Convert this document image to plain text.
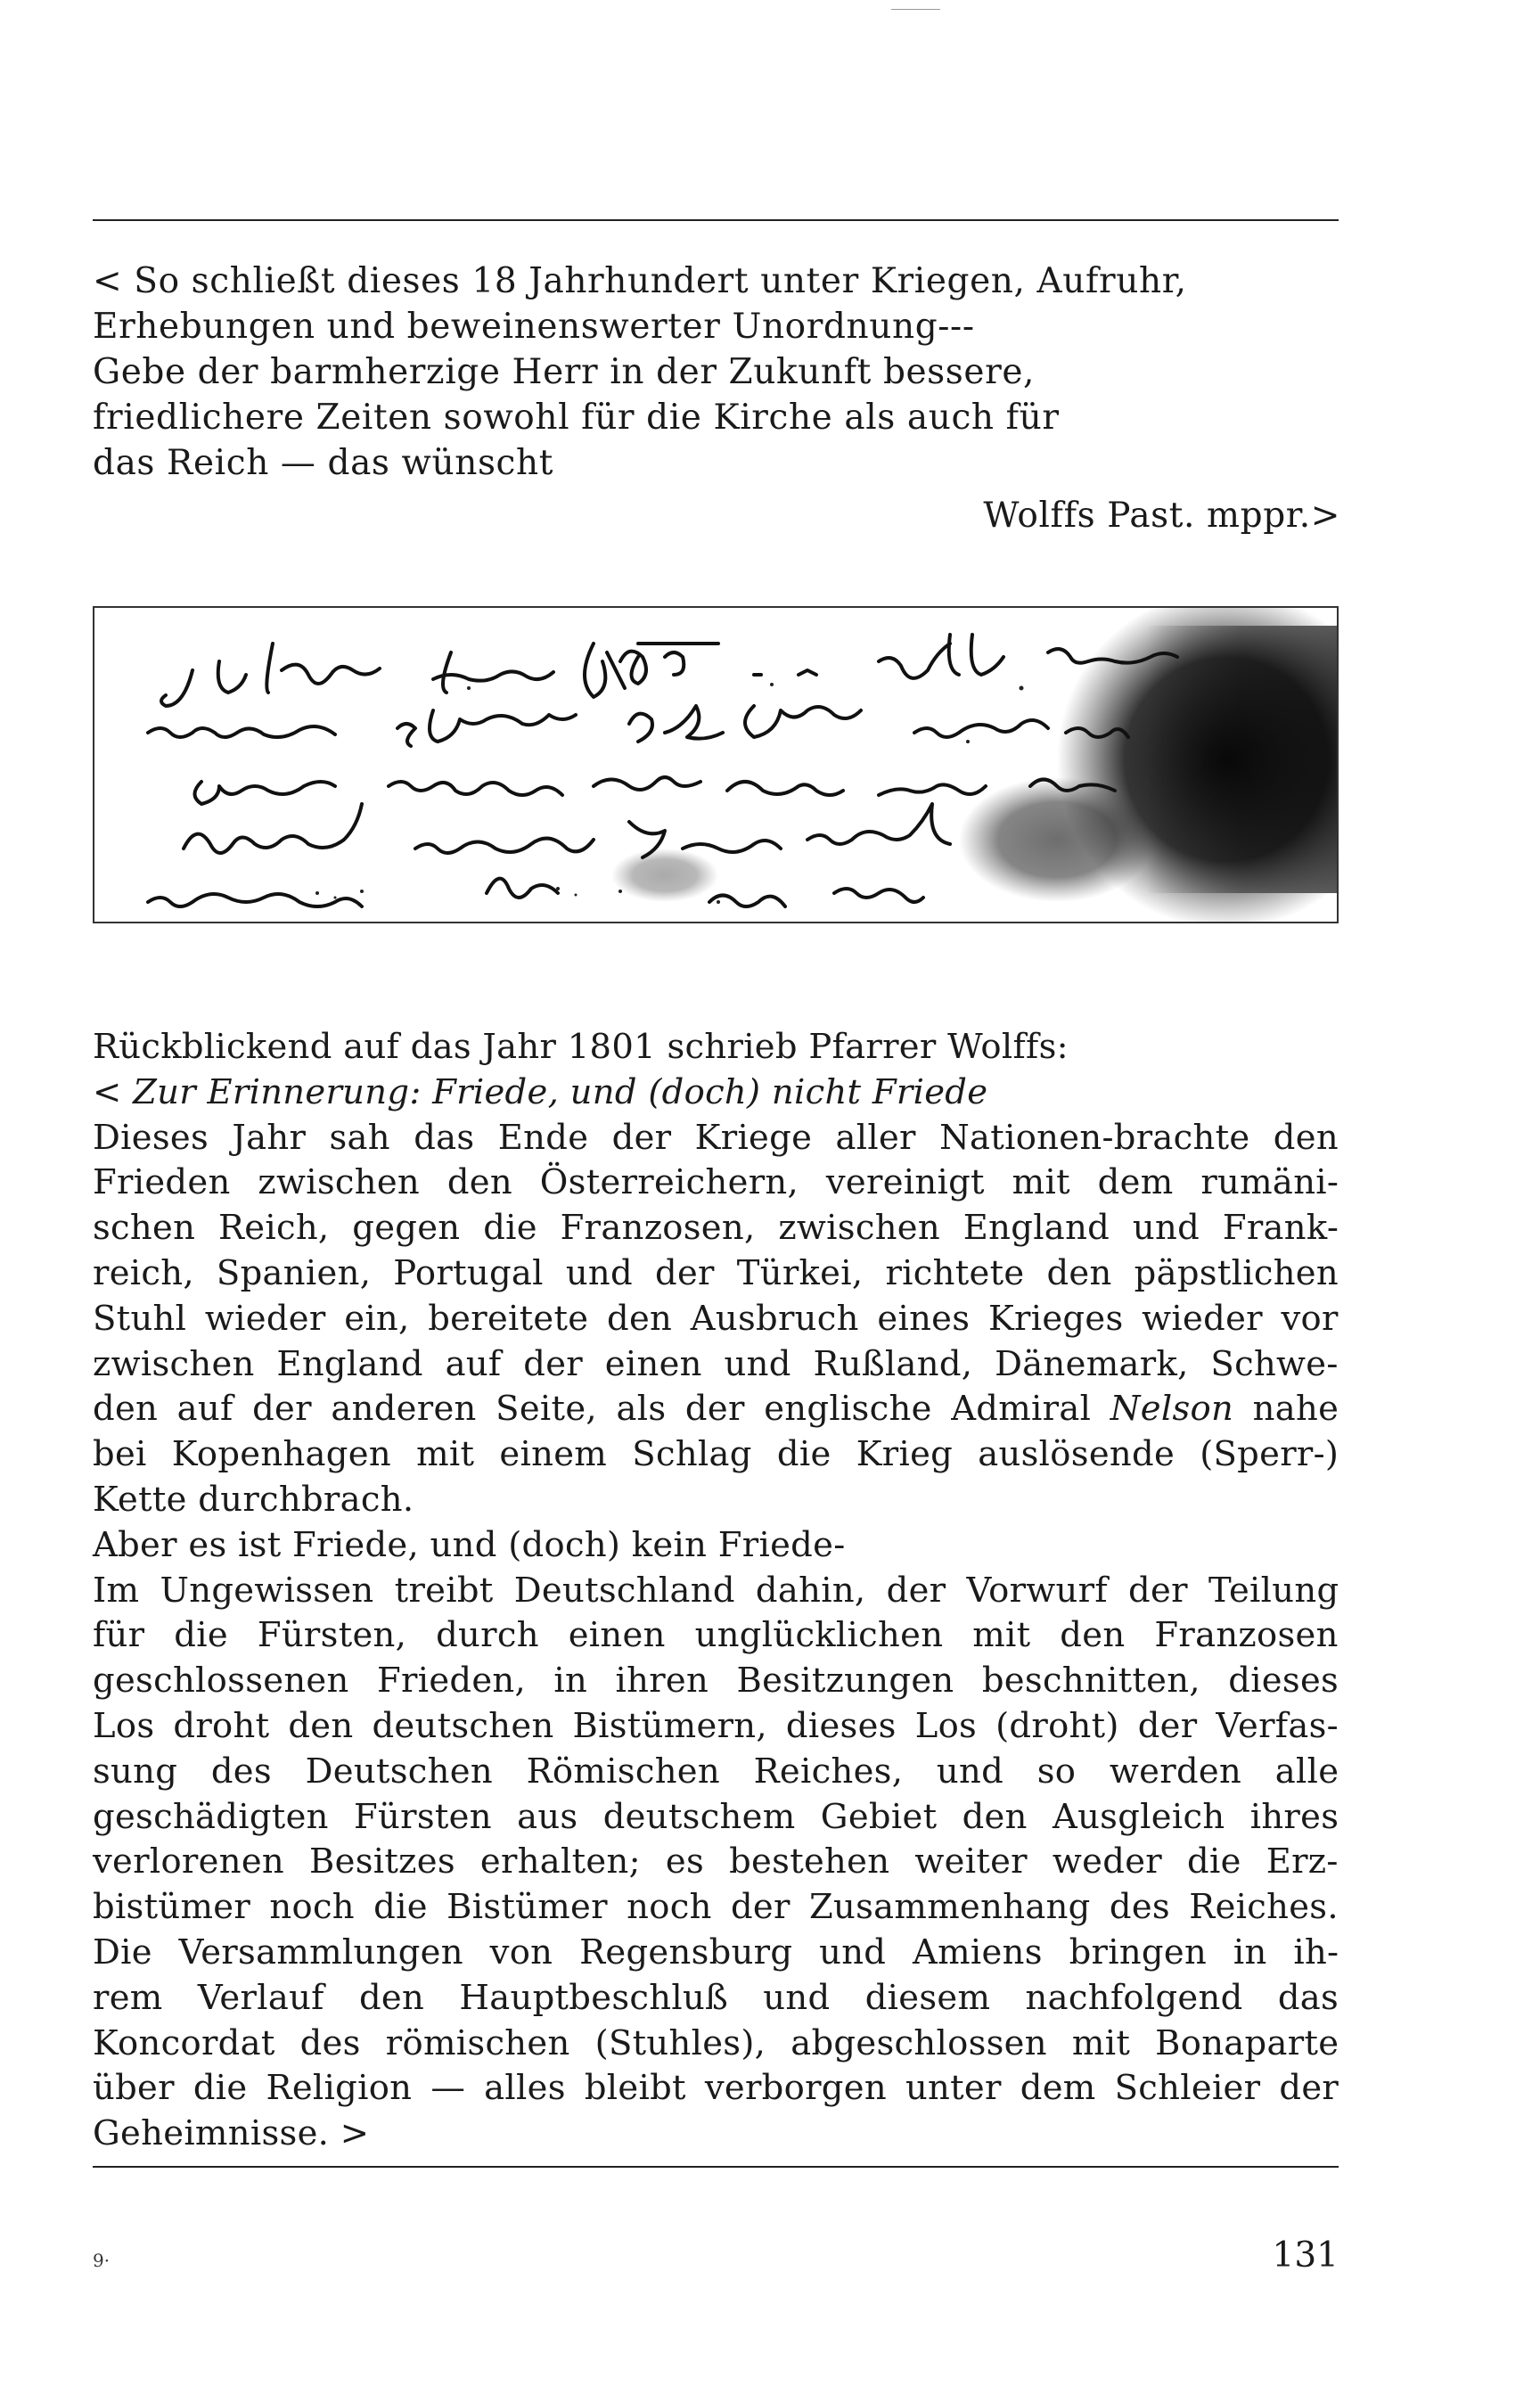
< So schließt dieses 18 Jahrhundert unter Kriegen, Aufruhr,
Erhebungen und beweinenswerter Unordnung---
Gebe der barmherzige Herr in der Zukunft bessere,
friedlichere Zeiten sowohl für die Kirche als auch für
das Reich — das wünscht
Wolffs Past. mppr.>
Rückblickend auf das Jahr 1801 schrieb Pfarrer Wolffs:
< Zur Erinnerung: Friede, und (doch) nicht Friede
Dieses Jahr sah das Ende der Kriege aller Nationen-brachte den
Frieden zwischen den Österreichern, vereinigt mit dem rumäni-
schen Reich, gegen die Franzosen, zwischen England und Frank-
reich, Spanien, Portugal und der Türkei, richtete den päpstlichen
Stuhl wieder ein, bereitete den Ausbruch eines Krieges wieder vor
zwischen England auf der einen und Rußland, Dänemark, Schwe-
den auf der anderen Seite, als der englische Admiral Nelson nahe
bei Kopenhagen mit einem Schlag die Krieg auslösende (Sperr-)
Kette durchbrach.
Aber es ist Friede, und (doch) kein Friede-
Im Ungewissen treibt Deutschland dahin, der Vorwurf der Teilung
für die Fürsten, durch einen unglücklichen mit den Franzosen
geschlossenen Frieden, in ihren Besitzungen beschnitten, dieses
Los droht den deutschen Bistümern, dieses Los (droht) der Verfas-
sung des Deutschen Römischen Reiches, und so werden alle
geschädigten Fürsten aus deutschem Gebiet den Ausgleich ihres
verlorenen Besitzes erhalten; es bestehen weiter weder die Erz-
bistümer noch die Bistümer noch der Zusammenhang des Reiches.
Die Versammlungen von Regensburg und Amiens bringen in ih-
rem Verlauf den Hauptbeschluß und diesem nachfolgend das
Koncordat des römischen (Stuhles), abgeschlossen mit Bonaparte
über die Religion — alles bleibt verborgen unter dem Schleier der
Geheimnisse. >
9·	131
